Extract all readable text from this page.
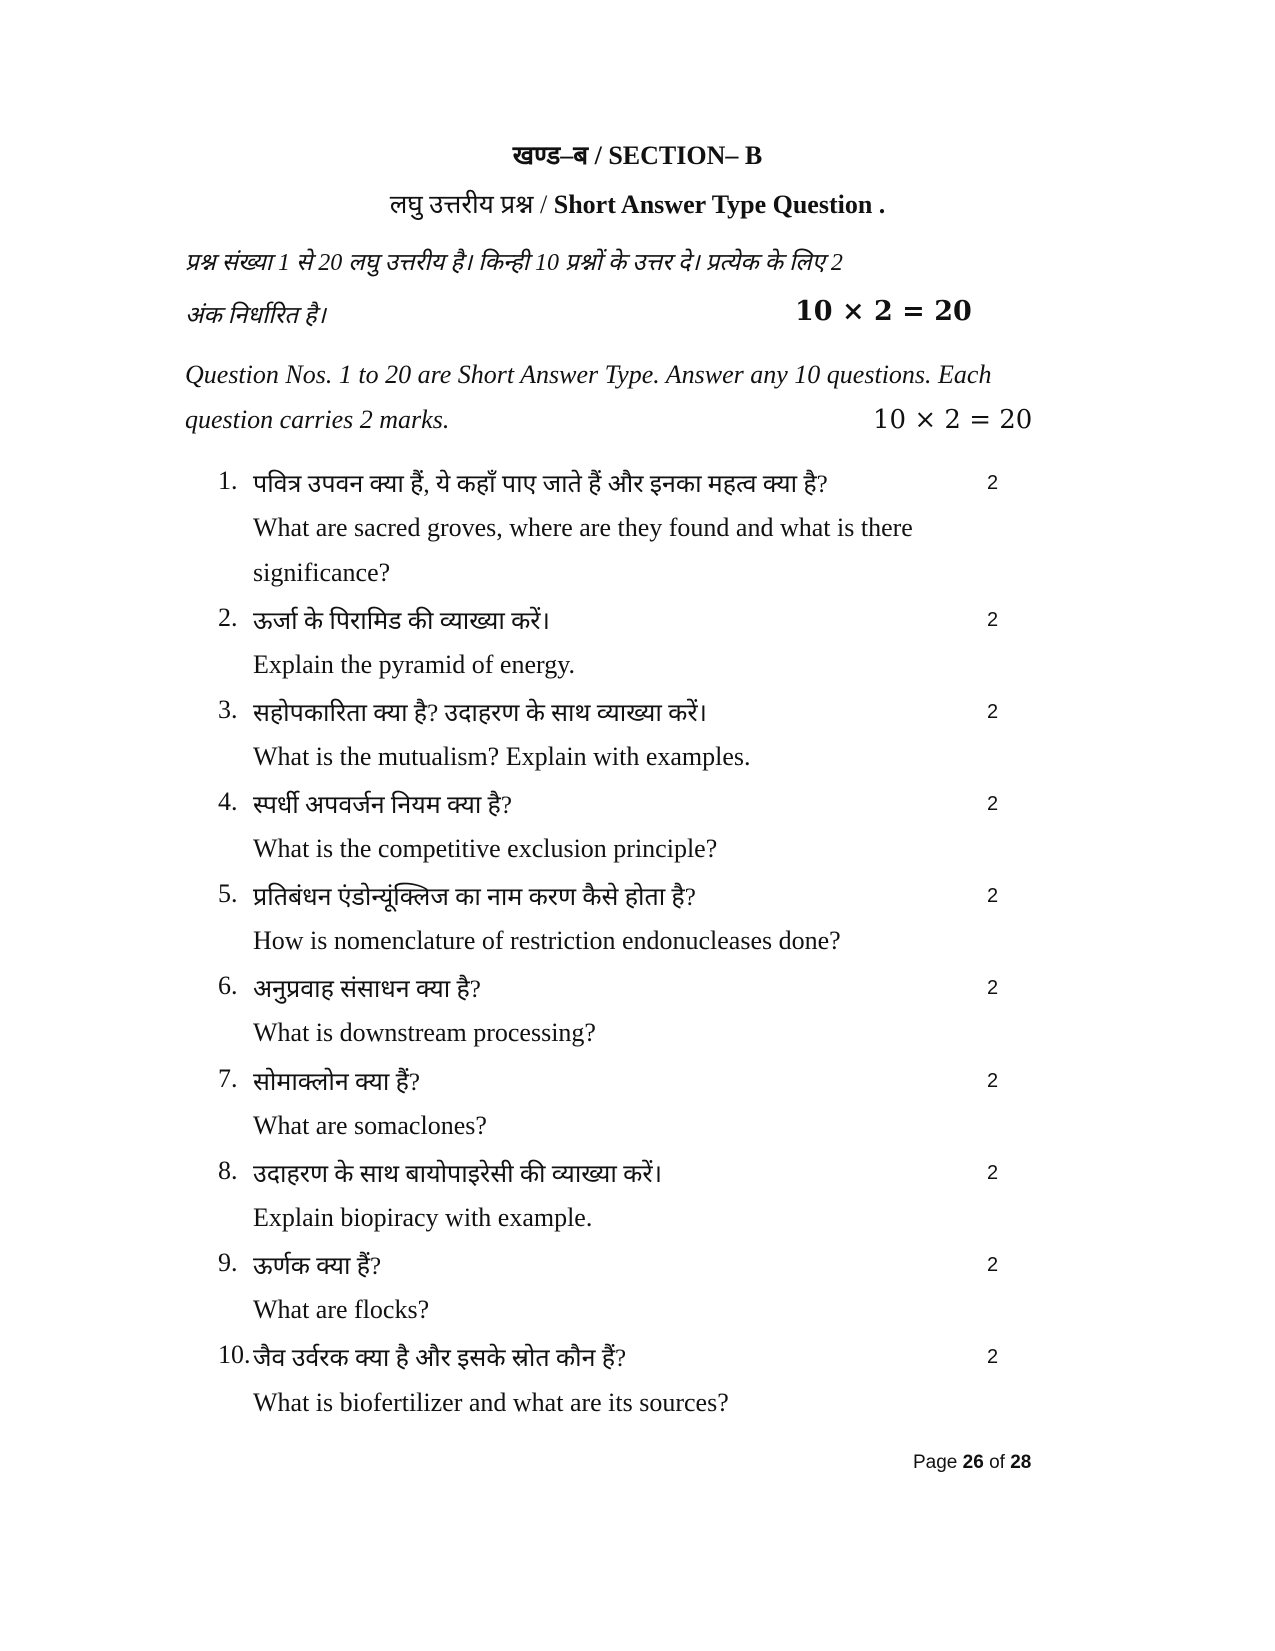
खण्ड–ब / SECTION– B
लघु उत्तरीय प्रश्न / Short Answer Type Question .
प्रश्न संख्या 1 से 20 लघु उत्तरीय है। किन्ही 10 प्रश्नों के उत्तर दे। प्रत्येक के लिए 2
अंक निर्धारित है।	10 × 2 = 20
Question Nos. 1 to 20 are Short Answer Type. Answer any 10 questions. Each
question carries 2 marks.	10 × 2 = 20
1. पवित्र उपवन क्या हैं, ये कहाँ पाए जाते हैं और इनका महत्व क्या है?	2
What are sacred groves, where are they found and what is there significance?
2. ऊर्जा के पिरामिड की व्याख्या करें।	2
Explain the pyramid of energy.
3. सहोपकारिता क्या है? उदाहरण के साथ व्याख्या करें।	2
What is the mutualism? Explain with examples.
4. स्पर्धी अपवर्जन नियम क्या है?	2
What is the competitive exclusion principle?
5. प्रतिबंधन एंडोन्यूंक्लिज का नाम करण कैसे होता है?	2
How is nomenclature of restriction endonucleases done?
6. अनुप्रवाह संसाधन क्या है?	2
What is downstream processing?
7. सोमाक्लोन क्या हैं?	2
What are somaclones?
8. उदाहरण के साथ बायोपाइरेसी की व्याख्या करें।	2
Explain biopiracy with example.
9. ऊर्णक क्या हैं?	2
What are flocks?
10. जैव उर्वरक क्या है और इसके स्रोत कौन हैं?	2
What is biofertilizer and what are its sources?
Page 26 of 28
